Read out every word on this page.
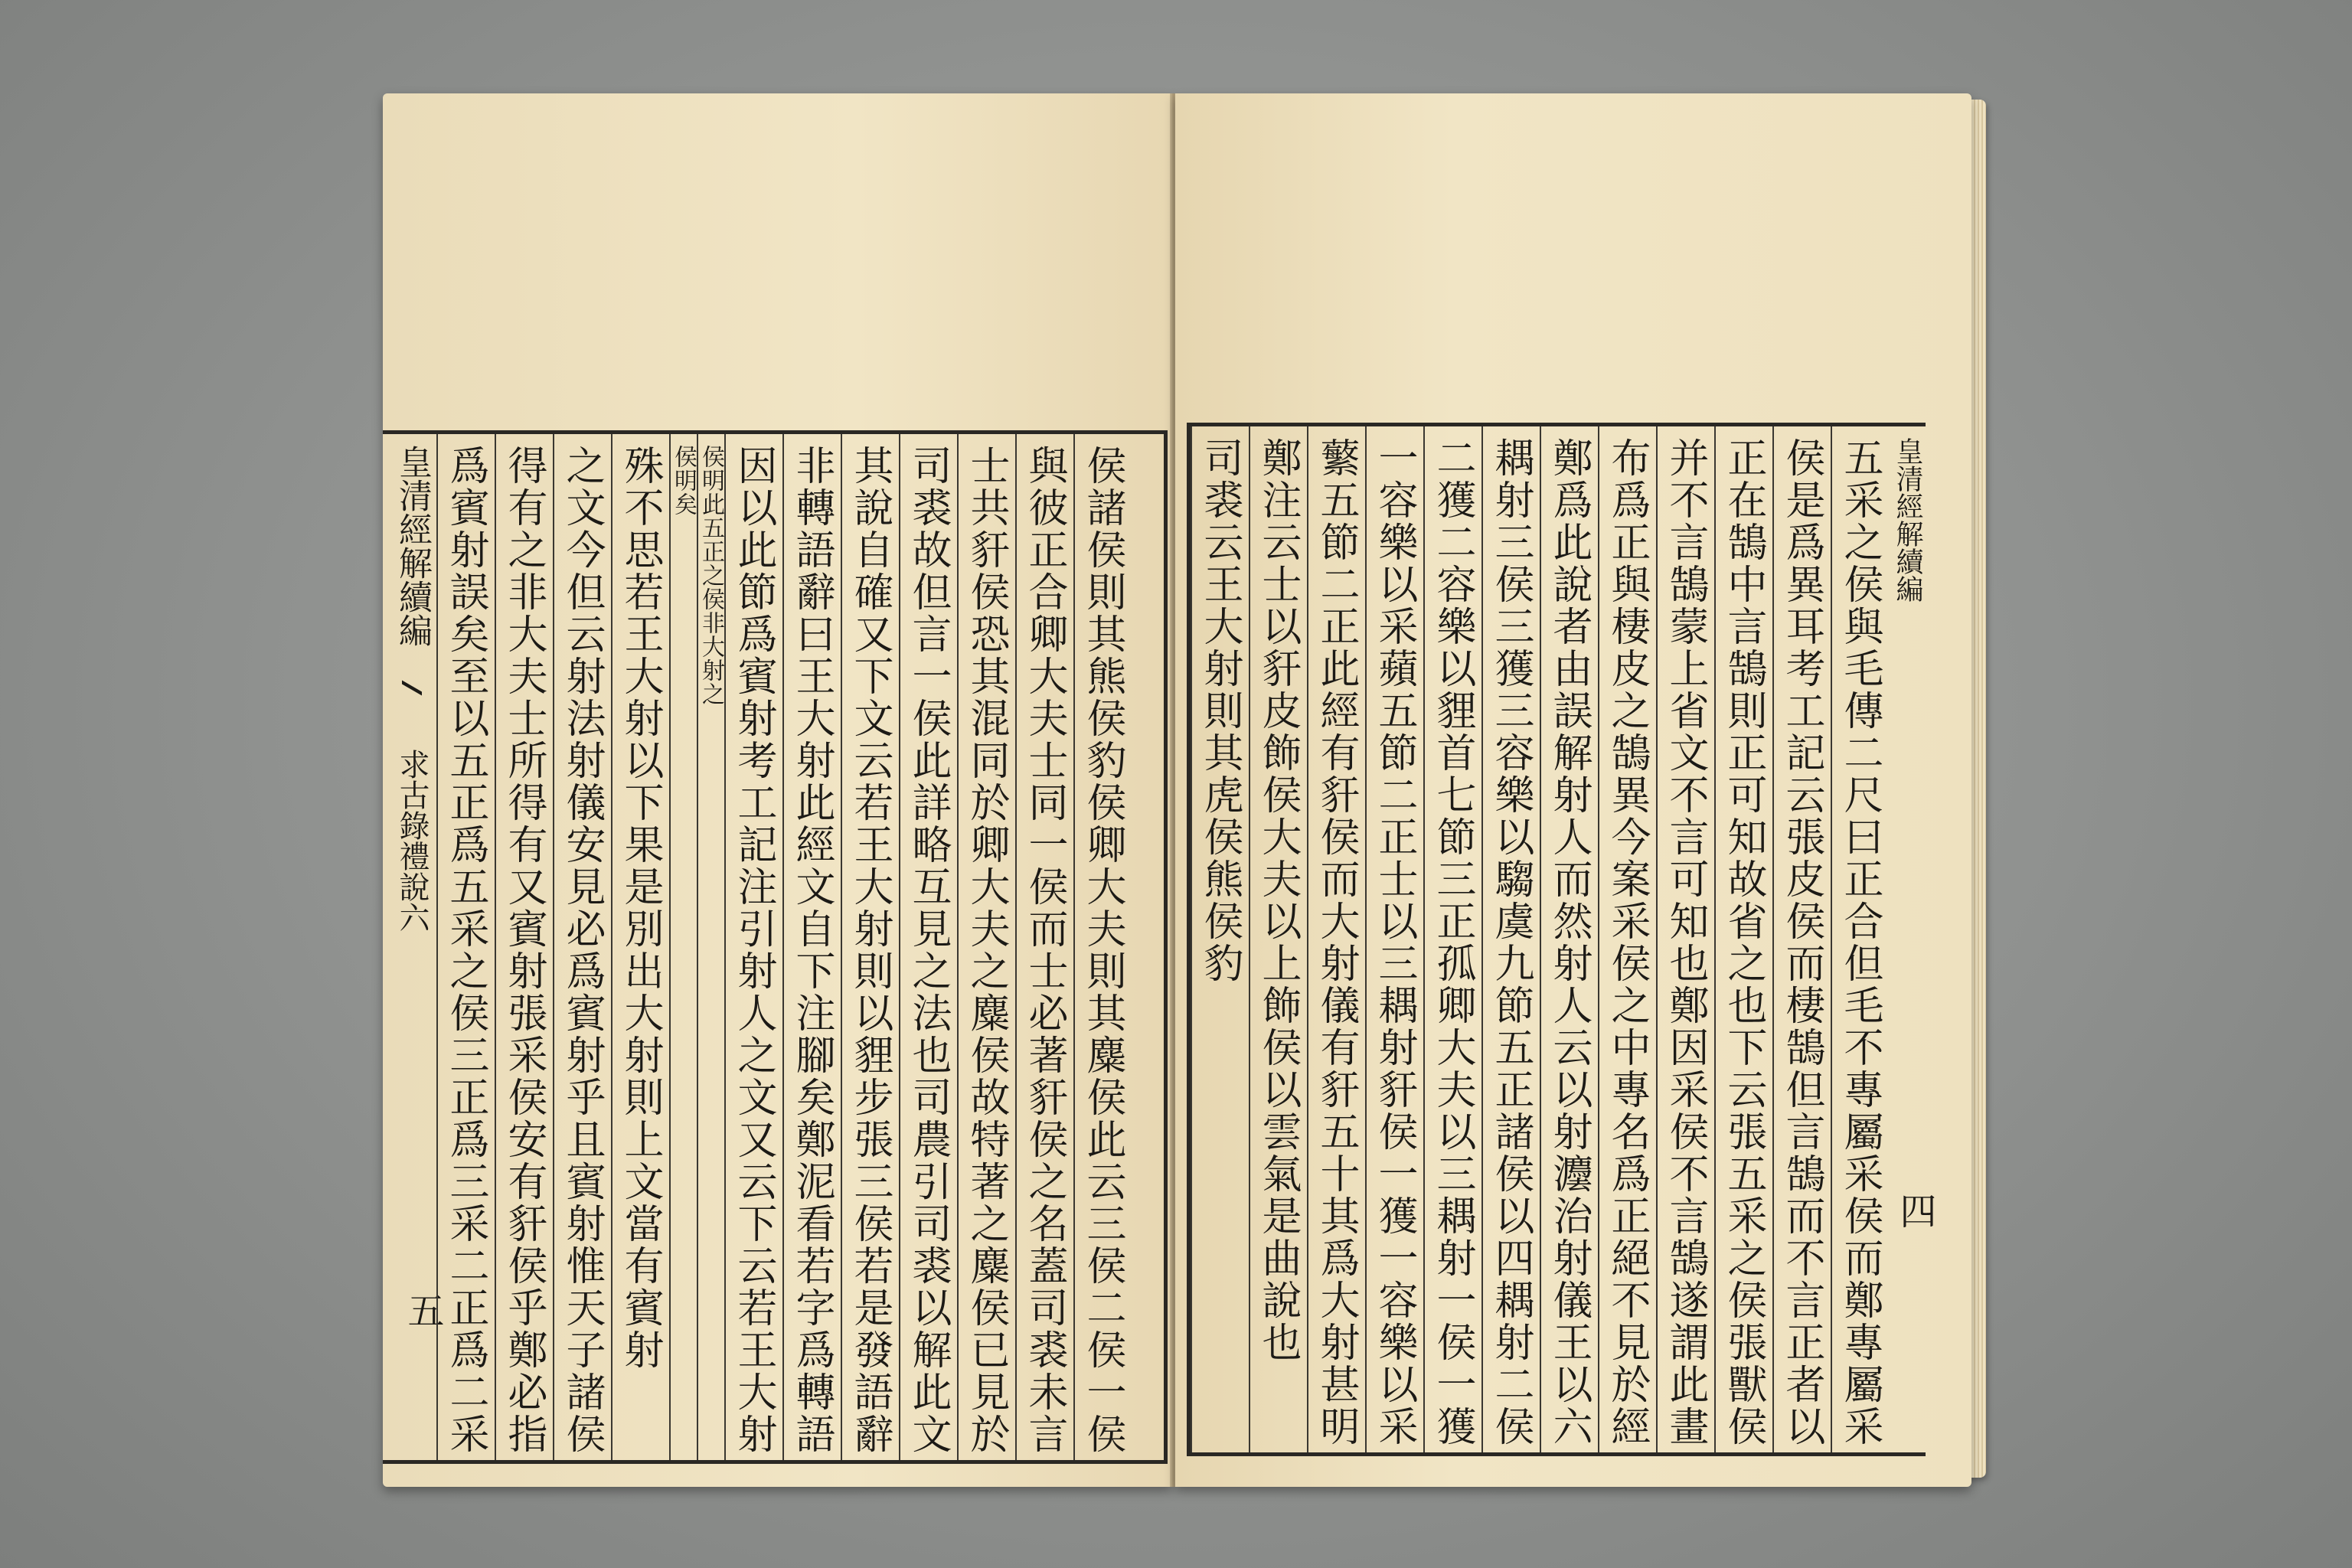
皇清經解續編  求古錄禮說六
五
爲賓射誤矣至以五正爲五采之侯三正爲三采二正爲二采 得有之非大夫士所得有又賓射張采侯安有豻侯乎鄭必指 之文今但云射法射儀安見必爲賓射乎且賓射惟天子諸侯 殊不思若王大射以下果是別出大射則上文當有賓射 侯明矣 侯明此五正之侯非大射之 因以此節爲賓射考工記注引射人之文又云下云若王大射 非轉語辭曰王大射此經文自下注腳矣鄭泥看若字爲轉語 其說自確又下文云若王大射則以貍步張三侯若是發語辭 司裘故但言一侯此詳略互見之法也司農引司裘以解此文 士共豻侯恐其混同於卿大夫之麋侯故特著之麋侯已見於 與彼正合卿大夫士同一侯而士必著豻侯之名蓋司裘未言 侯諸侯則其熊侯豹侯卿大夫則其麋侯此云三侯二侯一侯 司裘云王大射則其虎侯熊侯豹 鄭注云士以豻皮飾侯大夫以上飾侯以雲氣是曲說也 蘩五節二正此經有豻侯而大射儀有豻五十其爲大射甚明 一容樂以采蘋五節二正士以三耦射豻侯一獲一容樂以采 二獲二容樂以貍首七節三正孤卿大夫以三耦射一侯一獲 耦射三侯三獲三容樂以騶虞九節五正諸侯以四耦射二侯 鄭爲此說者由誤解射人而然射人云以射灋治射儀王以六 布爲正與棲皮之鵠異今案采侯之中專名爲正絕不見於經 并不言鵠蒙上省文不言可知也鄭因采侯不言鵠遂謂此畫 正在鵠中言鵠則正可知故省之也下云張五采之侯張獸侯 侯是爲異耳考工記云張皮侯而棲鵠但言鵠而不言正者以 五采之侯與毛傳二尺曰正合但毛不專屬采侯而鄭專屬采 皇清經解續編
四
